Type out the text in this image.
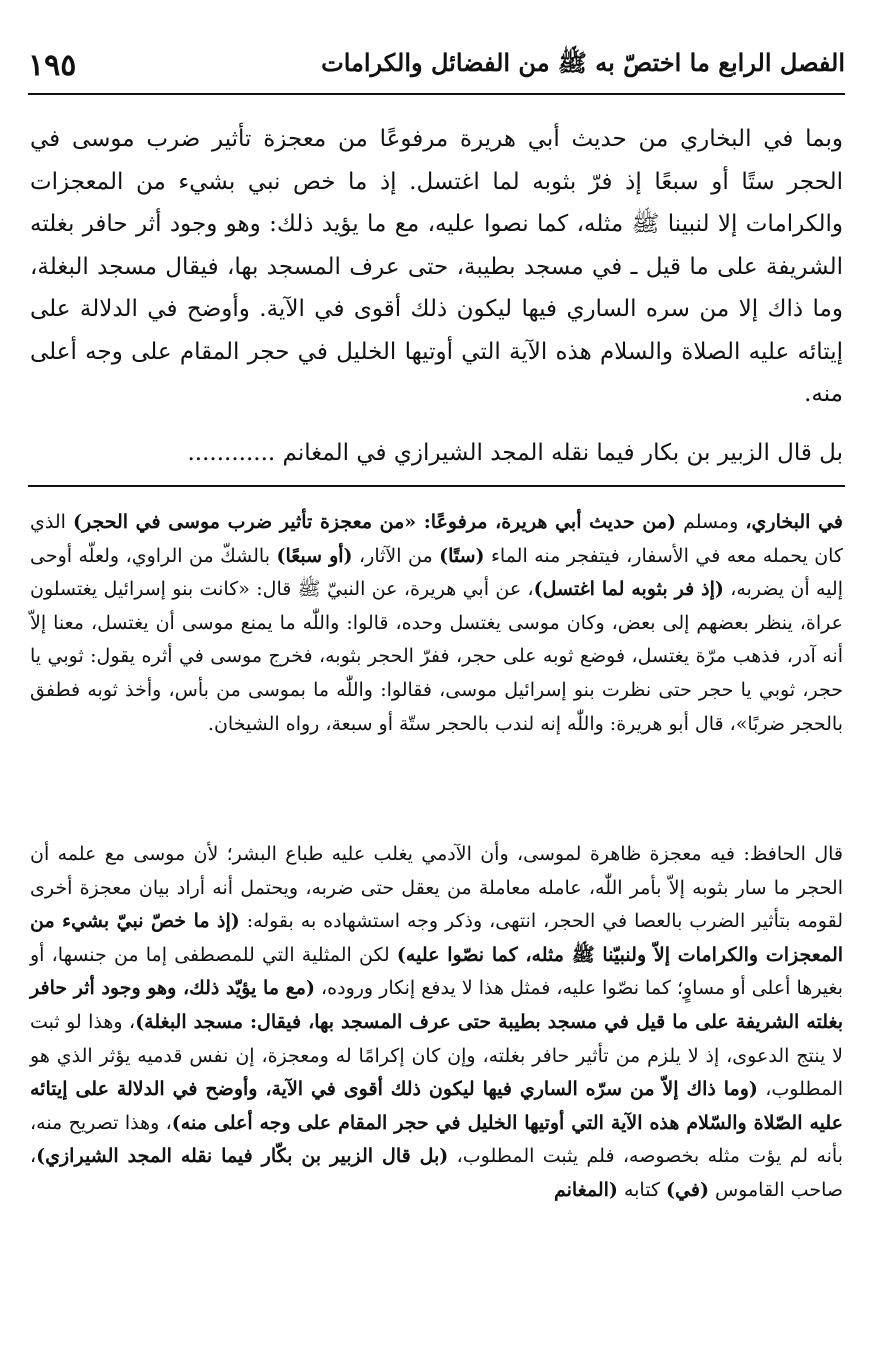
١٩٥	الفصل الرابع ما اختصّ به ﷺ من الفضائل والكرامات

وبما في البخاري من حديث أبي هريرة مرفوعًا من معجزة تأثير ضرب موسى في الحجر ستًا أو سبعًا إذ فرّ بثوبه لما اغتسل. إذ ما خص نبي بشيء من المعجزات والكرامات إلا لنبينا ﷺ مثله، كما نصوا عليه، مع ما يؤيد ذلك: وهو وجود أثر حافر بغلته الشريفة على ما قيل ـ في مسجد بطيبة، حتى عرف المسجد بها، فيقال مسجد البغلة، وما ذاك إلا من سره الساري فيها ليكون ذلك أقوى في الآية. وأوضح في الدلالة على إيتائه عليه الصلاة والسلام هذه الآية التي أوتيها الخليل في حجر المقام على وجه أعلى منه.

بل قال الزبير بن بكار فيما نقله المجد الشيرازي في المغانم ............

في البخاري، ومسلم (من حديث أبي هريرة، مرفوعًا: «من معجزة تأثير ضرب موسى في الحجر) الذي كان يحمله معه في الأسفار، فيتفجر منه الماء (ستًا) من الآثار، (أو سبعًا) بالشكّ من الراوي، ولعلّه أوحى إليه أن يضربه، (إذ فر بثوبه لما اغتسل)، عن أبي هريرة، عن النبيّ ﷺ قال: «كانت بنو إسرائيل يغتسلون عراة، ينظر بعضهم إلى بعض، وكان موسى يغتسل وحده، قالوا: واللّٰه ما يمنع موسى أن يغتسل، معنا إلاّ أنه آدر، فذهب مرّة يغتسل، فوضع ثوبه على حجر، ففرّ الحجر بثوبه، فخرج موسى في أثره يقول: ثوبي يا حجر، ثوبي يا حجر حتى نظرت بنو إسرائيل موسى، فقالوا: واللّٰه ما بموسى من بأس، وأخذ ثوبه فطفق بالحجر ضربًا»، قال أبو هريرة: واللّٰه إنه لندب بالحجر ستّة أو سبعة، رواه الشيخان.

قال الحافظ: فيه معجزة ظاهرة لموسى، وأن الآدمي يغلب عليه طباع البشر؛ لأن موسى مع علمه أن الحجر ما سار بثوبه إلاّ بأمر اللّٰه، عامله معاملة من يعقل حتى ضربه، ويحتمل أنه أراد بيان معجزة أخرى لقومه بتأثير الضرب بالعصا في الحجر، انتهى، وذكر وجه استشهاده به بقوله: (إذ ما خصّ نبيّ بشيء من المعجزات والكرامات إلاّ ولنبيّنا ﷺ مثله، كما نصّوا عليه) لكن المثلية التي للمصطفى إما من جنسها، أو بغيرها أعلى أو مساوٍ؛ كما نصّوا عليه، فمثل هذا لا يدفع إنكار وروده، (مع ما يؤيّد ذلك، وهو وجود أثر حافر بغلته الشريفة على ما قيل في مسجد بطيبة حتى عرف المسجد بها، فيقال: مسجد البغلة)، وهذا لو ثبت لا ينتج الدعوى، إذ لا يلزم من تأثير حافر بغلته، وإن كان إكرامًا له ومعجزة، إن نفس قدميه يؤثر الذي هو المطلوب، (وما ذاك إلاّ من سرّه الساري فيها ليكون ذلك أقوى في الآية، وأوضح في الدلالة على إيتائه عليه الصّلاة والسّلام هذه الآية التي أوتيها الخليل في حجر المقام على وجه أعلى منه)، وهذا تصريح منه، بأنه لم يؤت مثله بخصوصه، فلم يثبت المطلوب، (بل قال الزبير بن بكّار فيما نقله المجد الشيرازي)، صاحب القاموس (في) كتابه (المغانم
